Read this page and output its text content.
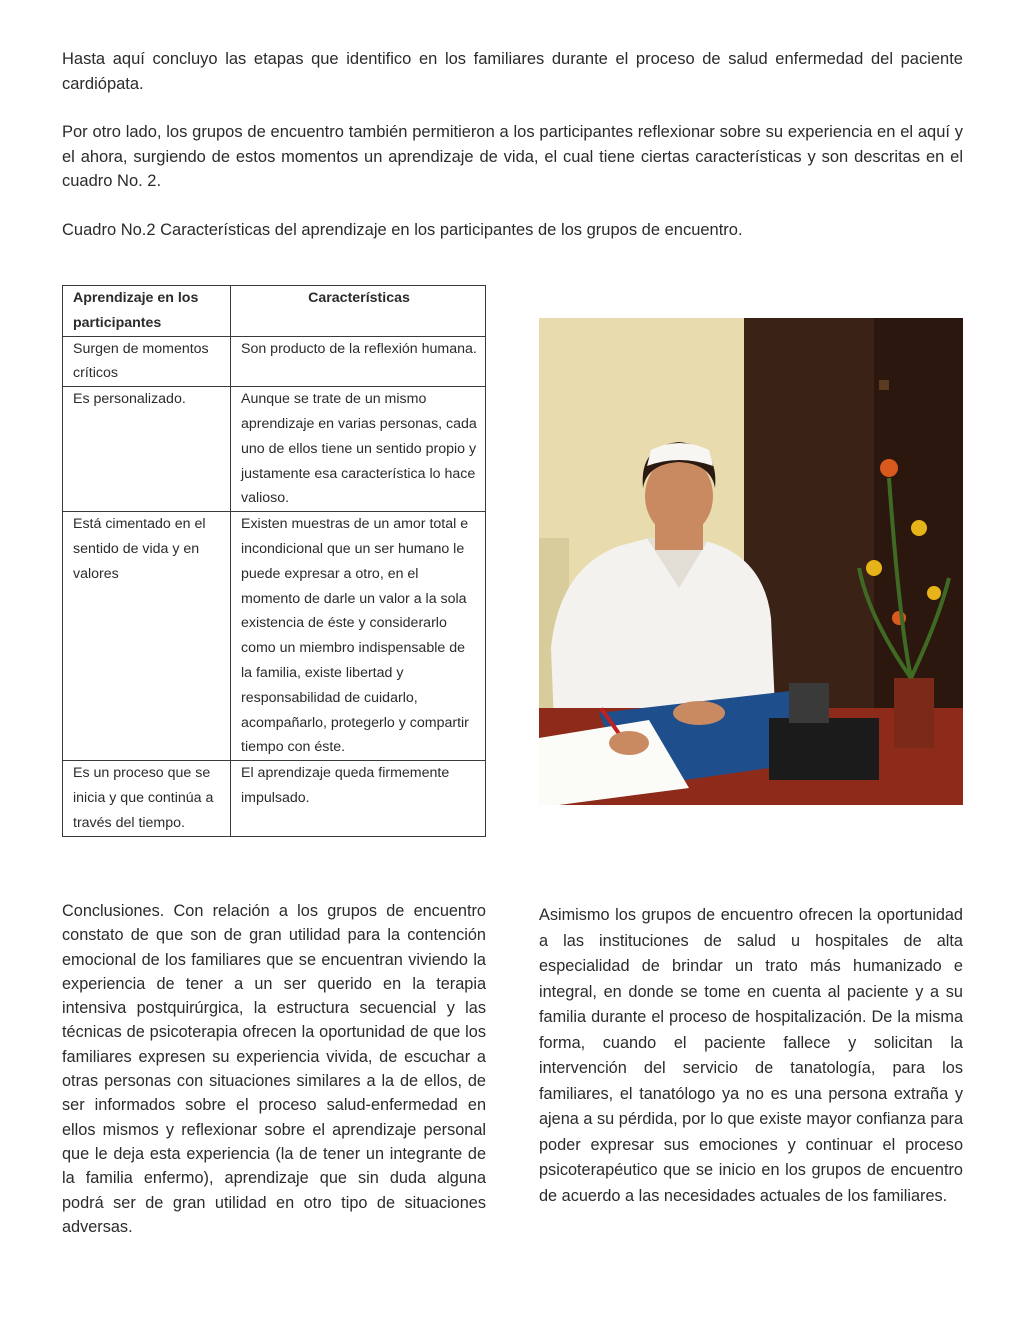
Hasta aquí concluyo las etapas que identifico en los familiares durante el proceso de salud enfermedad del paciente cardiópata.

Por otro lado, los grupos de encuentro también permitieron a los participantes reflexionar sobre su experiencia en el aquí y el ahora, surgiendo de estos momentos un aprendizaje de vida, el cual tiene ciertas características y son descritas en el cuadro No. 2.

Cuadro No.2 Características del aprendizaje en los participantes de los grupos de encuentro.

Aprendizaje en los participantes	Características
Surgen de momentos críticos	Son producto de la reflexión humana.
Es personalizado.	Aunque se trate de un mismo aprendizaje en varias personas, cada uno de ellos tiene un sentido propio y justamente esa característica lo hace valioso.
Está cimentado en el sentido de vida y en valores	Existen muestras de un amor total e incondicional que un ser humano le puede expresar a otro, en el momento de darle un valor a la sola existencia de éste y considerarlo como un miembro indispensable de la familia, existe libertad y responsabilidad de cuidarlo, acompañarlo, protegerlo y compartir tiempo con éste.
Es un proceso que se inicia y que continúa a través del tiempo.	El aprendizaje queda firmemente impulsado.

Conclusiones. Con relación a los grupos de encuentro constato de que son de gran utilidad para la contención emocional de los familiares que se encuentran viviendo la experiencia de tener a un ser querido en la terapia intensiva postquirúrgica, la estructura secuencial y las técnicas de psicoterapia ofrecen la oportunidad de que los familiares expresen su experiencia vivida, de escuchar a otras personas con situaciones similares a la de ellos, de ser informados sobre el proceso salud-enfermedad en ellos mismos y reflexionar sobre el aprendizaje personal que le deja esta experiencia (la de tener un integrante de la familia enfermo), aprendizaje que sin duda alguna podrá ser de gran utilidad en otro tipo de situaciones adversas.

Asimismo los grupos de encuentro ofrecen la oportunidad a las instituciones de salud u hospitales de alta especialidad de brindar un trato más humanizado e integral, en donde se tome en cuenta al paciente y a su familia durante el proceso de hospitalización. De la misma forma, cuando el paciente fallece y solicitan la intervención del servicio de tanatología, para los familiares, el tanatólogo ya no es una persona extraña y ajena a su pérdida, por lo que existe mayor confianza para poder expresar sus emociones y continuar el proceso psicoterapéutico que se inicio en los grupos de encuentro de acuerdo a las necesidades actuales de los familiares.
